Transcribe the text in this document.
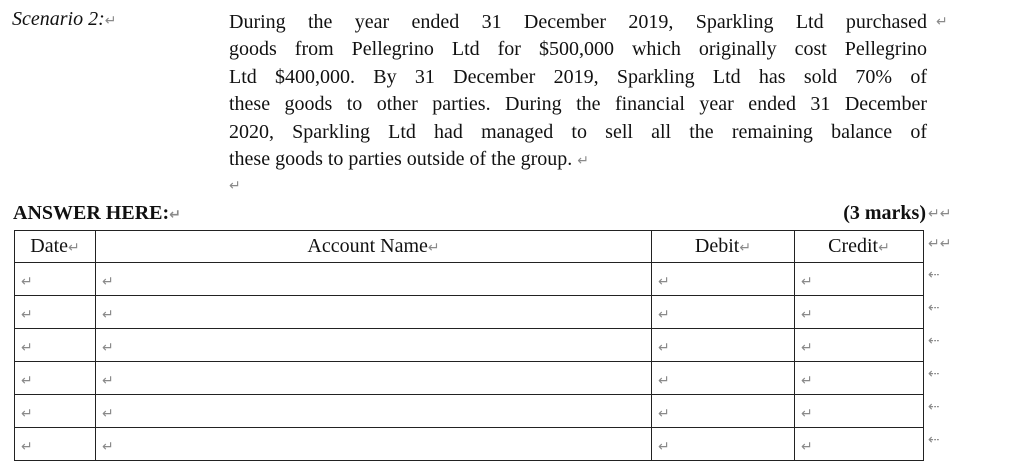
Scenario 2:↵	During the year ended 31 December 2019, Sparkling Ltd purchased
goods from Pellegrino Ltd for $500,000 which originally cost Pellegrino
Ltd $400,000. By 31 December 2019, Sparkling Ltd has sold 70% of
these goods to other parties. During the financial year ended 31 December
2020, Sparkling Ltd had managed to sell all the remaining balance of
these goods to parties outside of the group. ↵
↵
↵
ANSWER HERE:↵	(3 marks) ↵↵
Date↵	Account Name↵	Debit↵	Credit↵
↵	↵	↵	↵
↵	↵	↵	↵
↵	↵	↵	↵
↵	↵	↵	↵
↵	↵	↵	↵
↵	↵	↵	↵
↵↵
⇠
⇠
⇠
⇠
⇠
⇠
